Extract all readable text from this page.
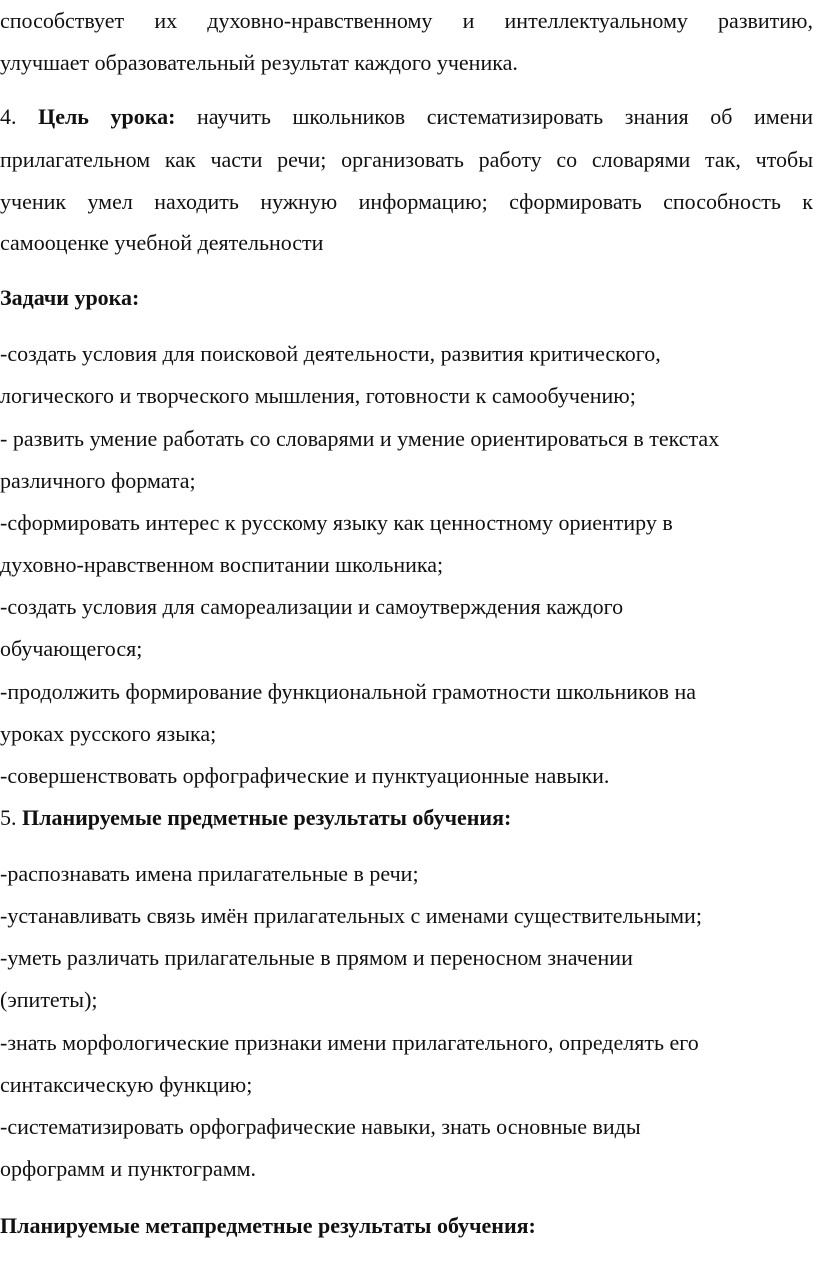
способствует их духовно-нравственному и интеллектуальному развитию,
улучшает образовательный результат каждого ученика.
4. Цель урока: научить школьников систематизировать знания об имени
прилагательном как части речи; организовать работу со словарями так, чтобы
ученик умел находить нужную информацию; сформировать способность к
самооценке учебной деятельности
Задачи урока:
-создать условия для поисковой деятельности, развития критического,
логического и творческого мышления, готовности к самообучению;
- развить умение работать со словарями и умение ориентироваться в текстах
различного формата;
-сформировать интерес к русскому языку как ценностному ориентиру в
духовно-нравственном воспитании школьника;
-создать условия для самореализации и самоутверждения каждого
обучающегося;
-продолжить формирование функциональной грамотности школьников на
уроках русского языка;
-совершенствовать орфографические и пунктуационные навыки.
5. Планируемые предметные результаты обучения:
-распознавать имена прилагательные в речи;
-устанавливать связь имён прилагательных с именами существительными;
-уметь различать прилагательные в прямом и переносном значении
(эпитеты);
-знать морфологические признаки имени прилагательного, определять его
синтаксическую функцию;
-систематизировать орфографические навыки, знать основные виды
орфограмм и пунктограмм.
Планируемые метапредметные результаты обучения:
